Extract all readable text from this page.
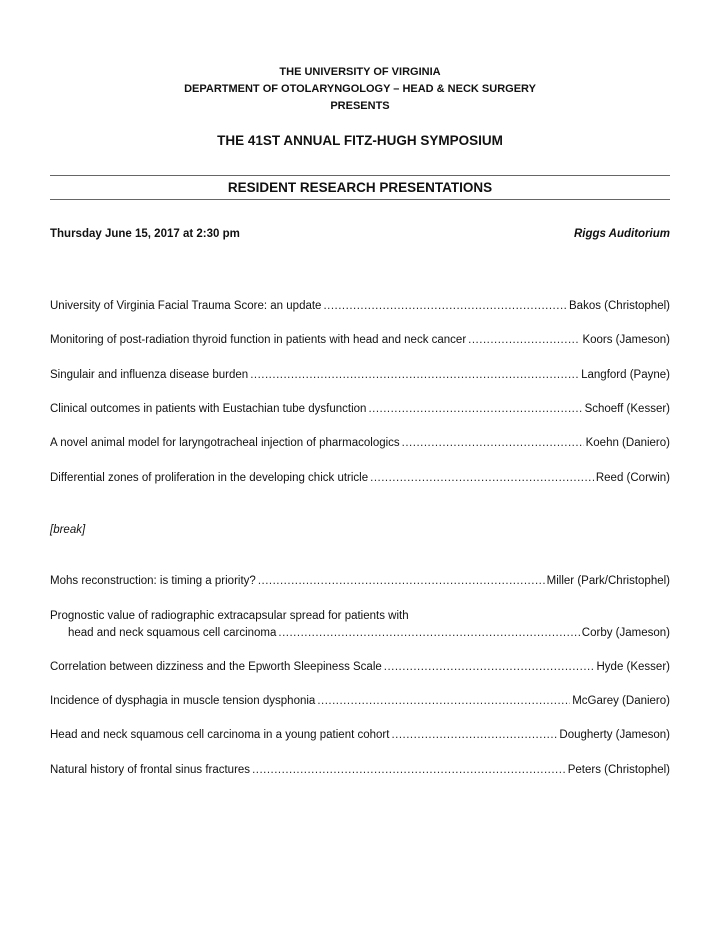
THE UNIVERSITY OF VIRGINIA
DEPARTMENT OF OTOLARYNGOLOGY – HEAD & NECK SURGERY
PRESENTS
THE 41ST ANNUAL FITZ-HUGH SYMPOSIUM
RESIDENT RESEARCH PRESENTATIONS
Thursday June 15, 2017 at 2:30 pm	Riggs Auditorium
University of Virginia Facial Trauma Score: an update .....	Bakos (Christophel)
Monitoring of post-radiation thyroid function in patients with head and neck cancer .....	Koors (Jameson)
Singulair and influenza disease burden .....	Langford (Payne)
Clinical outcomes in patients with Eustachian tube dysfunction .....	Schoeff (Kesser)
A novel animal model for laryngotracheal injection of pharmacologics .....	Koehn (Daniero)
Differential zones of proliferation in the developing chick utricle .....	Reed (Corwin)
[break]
Mohs reconstruction: is timing a priority? .....	Miller (Park/Christophel)
Prognostic value of radiographic extracapsular spread for patients with
head and neck squamous cell carcinoma .....	Corby (Jameson)
Correlation between dizziness and the Epworth Sleepiness Scale .....	Hyde (Kesser)
Incidence of dysphagia in muscle tension dysphonia .....	McGarey (Daniero)
Head and neck squamous cell carcinoma in a young patient cohort .....	Dougherty (Jameson)
Natural history of frontal sinus fractures .....	Peters (Christophel)
